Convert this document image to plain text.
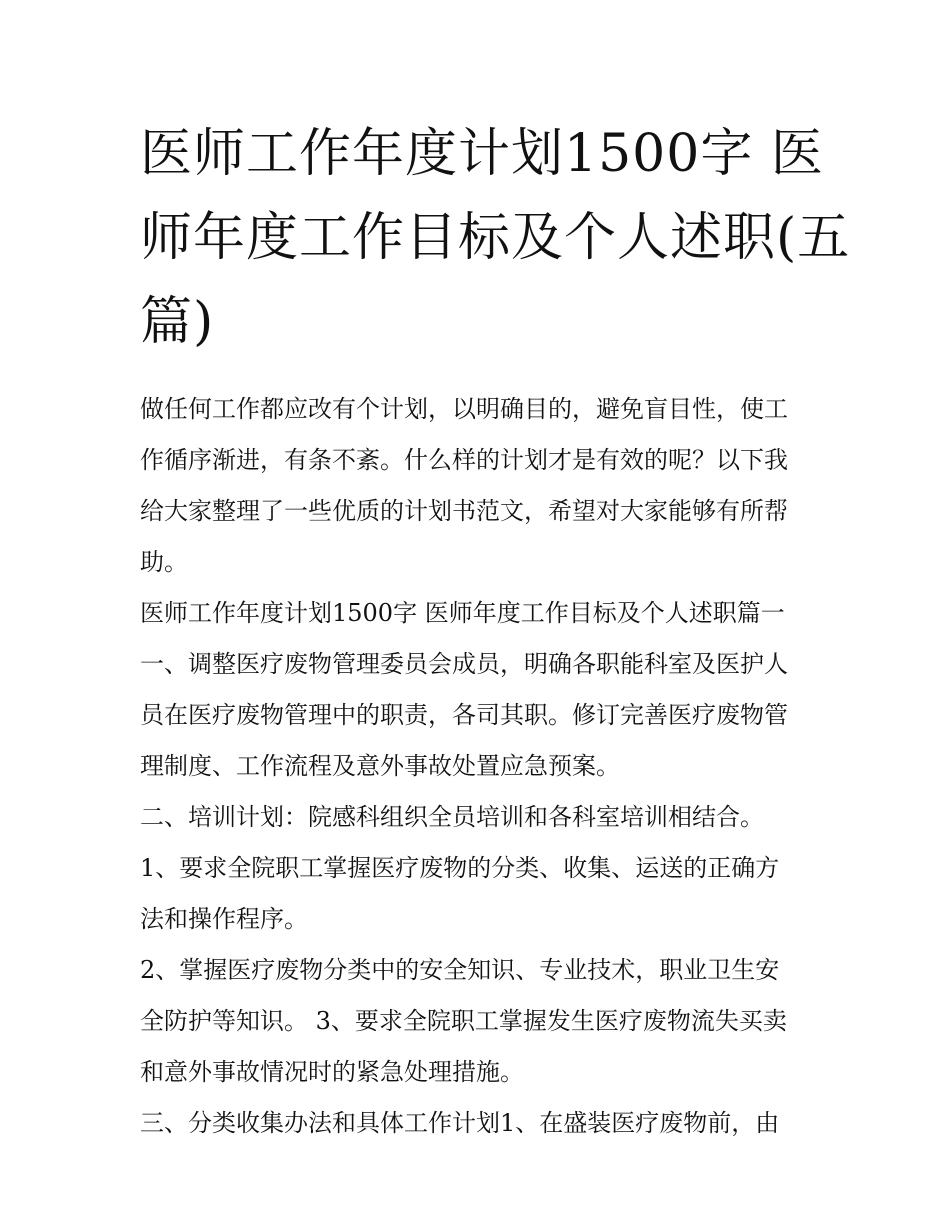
医师工作年度计划1500字 医
师年度工作目标及个人述职(五
篇)

做任何工作都应改有个计划，以明确目的，避免盲目性，使工
作循序渐进，有条不紊。什么样的计划才是有效的呢？以下我
给大家整理了一些优质的计划书范文，希望对大家能够有所帮
助。

医师工作年度计划1500字 医师年度工作目标及个人述职篇一

一、调整医疗废物管理委员会成员，明确各职能科室及医护人
员在医疗废物管理中的职责，各司其职。修订完善医疗废物管
理制度、工作流程及意外事故处置应急预案。

二、培训计划：院感科组织全员培训和各科室培训相结合。

1、要求全院职工掌握医疗废物的分类、收集、运送的正确方
法和操作程序。

2、掌握医疗废物分类中的安全知识、专业技术，职业卫生安
全防护等知识。 3、要求全院职工掌握发生医疗废物流失买卖
和意外事故情况时的紧急处理措施。

三、分类收集办法和具体工作计划1、在盛装医疗废物前，由
